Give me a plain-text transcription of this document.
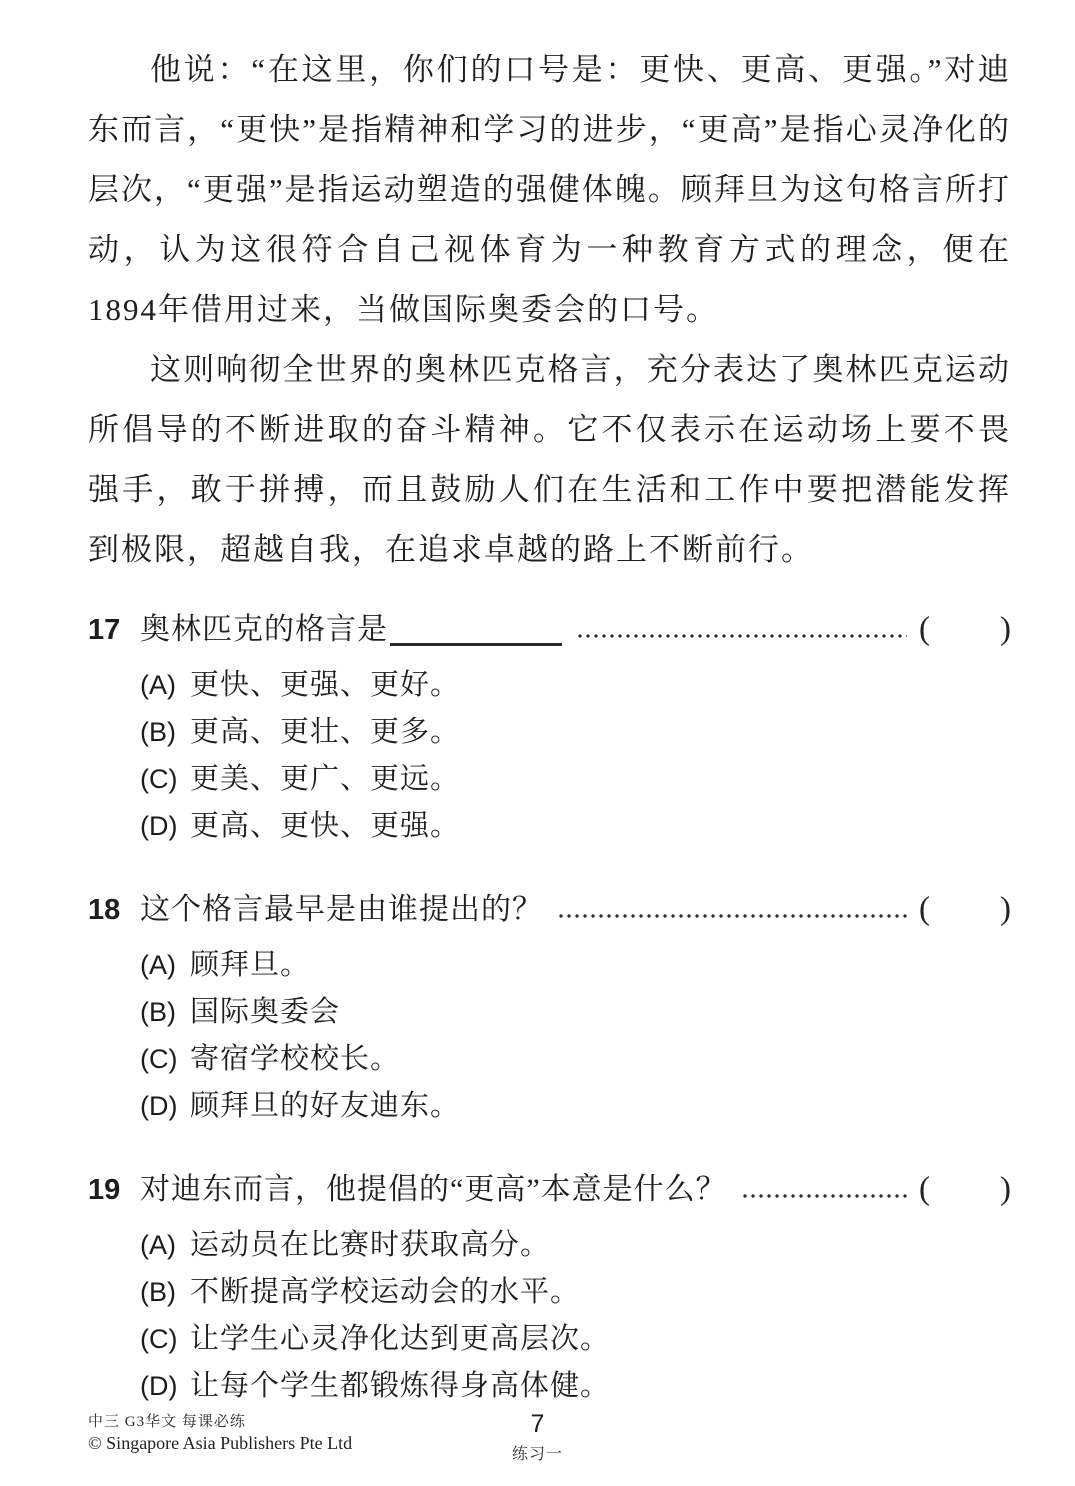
他说：“在这里，你们的口号是：更快、更高、更强。”对迪东而言，“更快”是指精神和学习的进步，“更高”是指心灵净化的层次，“更强”是指运动塑造的强健体魄。顾拜旦为这句格言所打动，认为这很符合自己视体育为一种教育方式的理念，便在1894年借用过来，当做国际奥委会的口号。

这则响彻全世界的奥林匹克格言，充分表达了奥林匹克运动所倡导的不断进取的奋斗精神。它不仅表示在运动场上要不畏强手，敢于拼搏，而且鼓励人们在生活和工作中要把潜能发挥到极限，超越自我，在追求卓越的路上不断前行。

17 奥林匹克的格言是	( )
(A) 更快、更强、更好。
(B) 更高、更壮、更多。
(C) 更美、更广、更远。
(D) 更高、更快、更强。
18 这个格言最早是由谁提出的？	( )
(A) 顾拜旦。
(B) 国际奥委会
(C) 寄宿学校校长。
(D) 顾拜旦的好友迪东。
19 对迪东而言，他提倡的“更高”本意是什么？	( )
(A) 运动员在比赛时获取高分。
(B) 不断提高学校运动会的水平。
(C) 让学生心灵净化达到更高层次。
(D) 让每个学生都锻炼得身高体健。
中三 G3华文 每课必练
© Singapore Asia Publishers Pte Ltd
7
练习一
